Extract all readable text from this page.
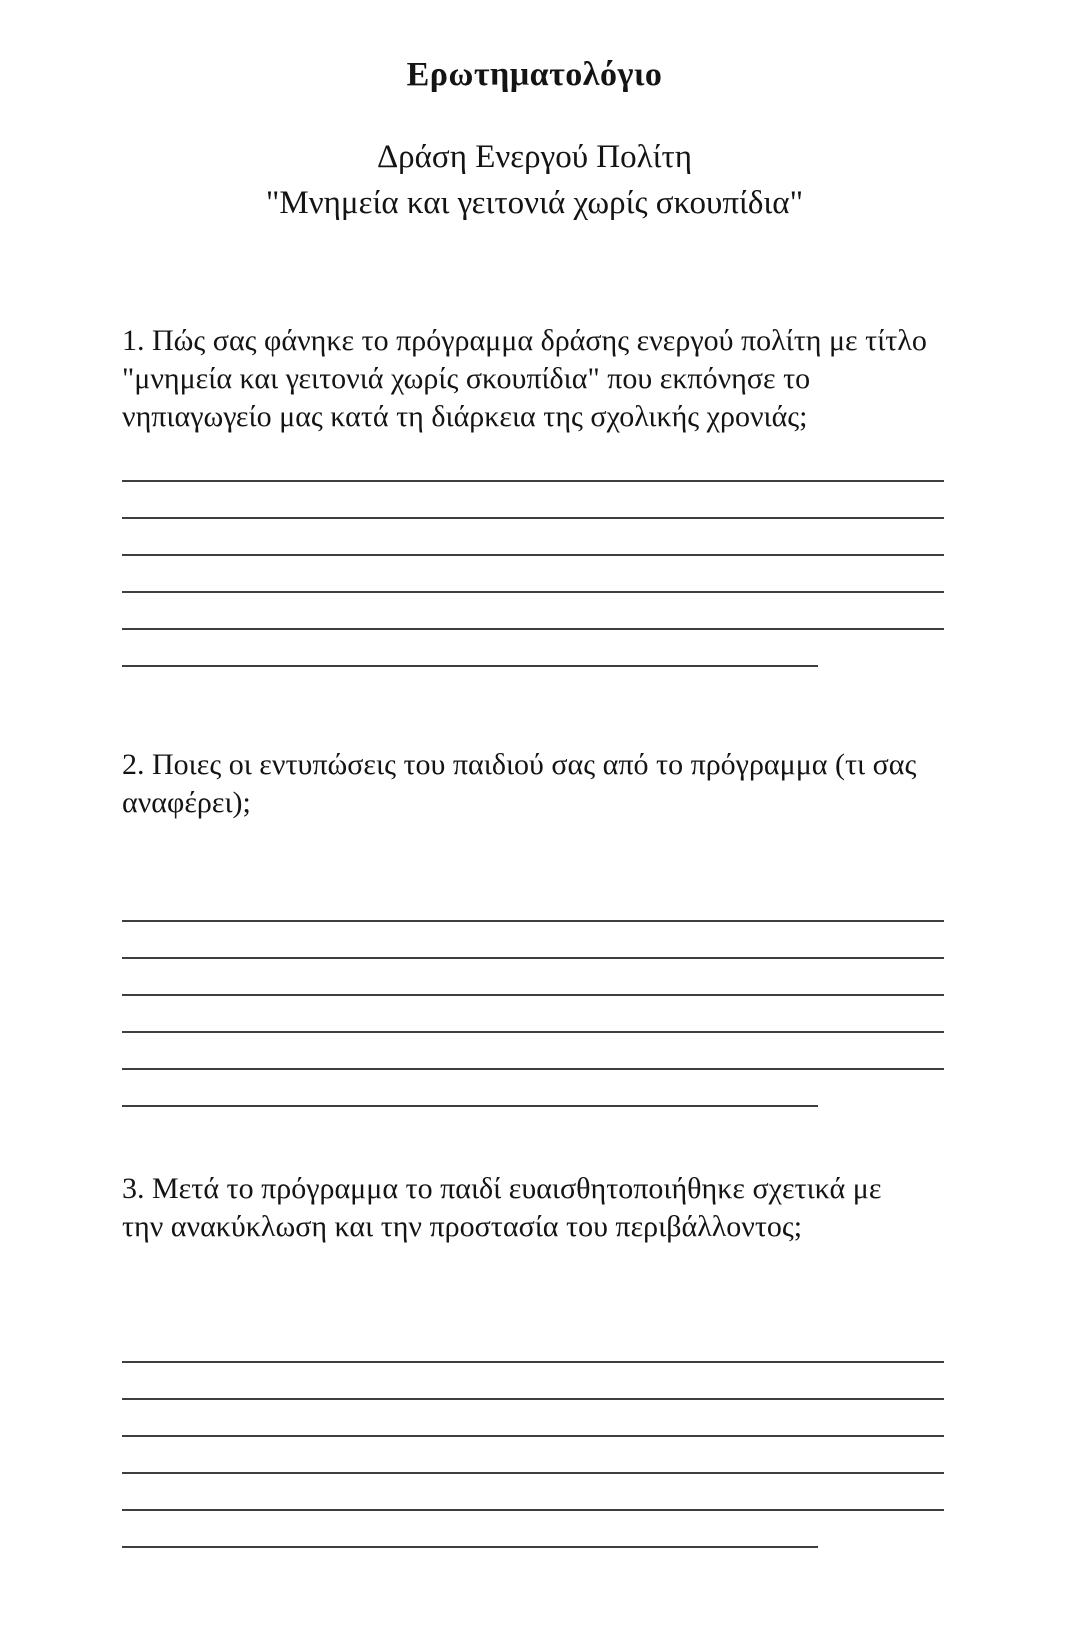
Ερωτηματολόγιο
Δράση Ενεργού Πολίτη
"Μνημεία και γειτονιά χωρίς σκουπίδια"

1. Πώς σας φάνηκε το πρόγραμμα δράσης ενεργού πολίτη με τίτλο "μνημεία και γειτονιά χωρίς σκουπίδια" που εκπόνησε το νηπιαγωγείο μας κατά τη διάρκεια της σχολικής χρονιάς;

2. Ποιες οι εντυπώσεις του παιδιού σας από το πρόγραμμα (τι σας αναφέρει);

3. Μετά το πρόγραμμα το παιδί ευαισθητοποιήθηκε σχετικά με την ανακύκλωση και την προστασία του περιβάλλοντος;
